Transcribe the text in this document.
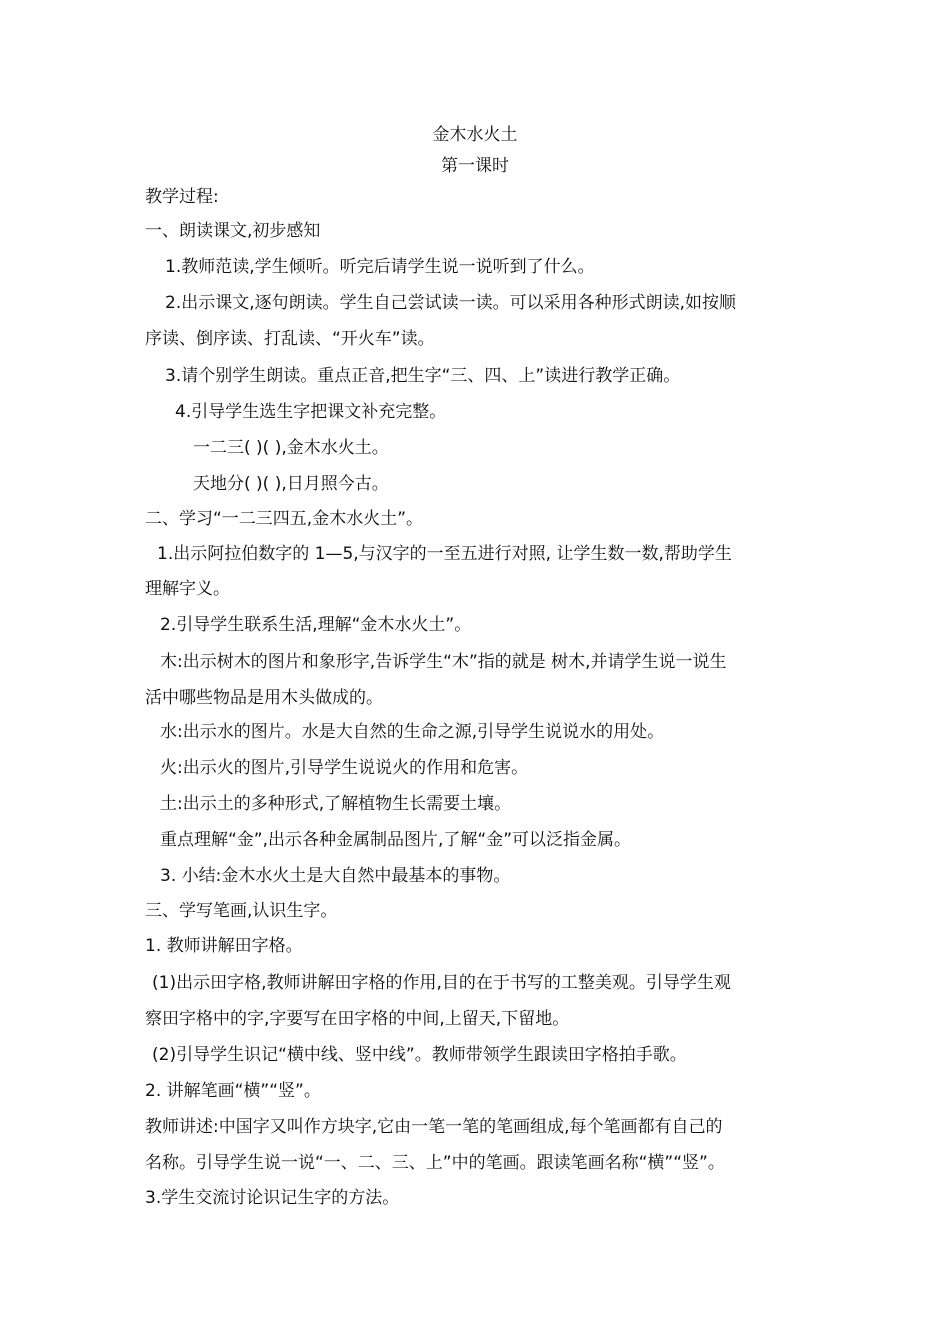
金木水火土
第一课时
教学过程:
一、朗读课文,初步感知
1.教师范读,学生倾听。听完后请学生说一说听到了什么。
2.出示课文,逐句朗读。学生自己尝试读一读。可以采用各种形式朗读,如按顺
序读、倒序读、打乱读、“开火车”读。
3.请个别学生朗读。重点正音,把生字“三、四、上”读进行教学正确。
4.引导学生选生字把课文补充完整。
一二三( )( ),金木水火土。
天地分( )( ),日月照今古。
二、学习“一二三四五,金木水火土”。
1.出示阿拉伯数字的 1—5,与汉字的一至五进行对照, 让学生数一数,帮助学生
理解字义。
2.引导学生联系生活,理解“金木水火土”。
木:出示树木的图片和象形字,告诉学生“木”指的就是 树木,并请学生说一说生
活中哪些物品是用木头做成的。
水:出示水的图片。水是大自然的生命之源,引导学生说说水的用处。
火:出示火的图片,引导学生说说火的作用和危害。
土:出示土的多种形式,了解植物生长需要土壤。
重点理解“金”,出示各种金属制品图片,了解“金”可以泛指金属。
3. 小结:金木水火土是大自然中最基本的事物。
三、学写笔画,认识生字。
1. 教师讲解田字格。
(1)出示田字格,教师讲解田字格的作用,目的在于书写的工整美观。引导学生观
察田字格中的字,字要写在田字格的中间,上留天,下留地。
(2)引导学生识记“横中线、竖中线”。教师带领学生跟读田字格拍手歌。
2. 讲解笔画“横”“竖”。
教师讲述:中国字又叫作方块字,它由一笔一笔的笔画组成,每个笔画都有自己的
名称。引导学生说一说“一、二、三、上”中的笔画。跟读笔画名称“横”“竖”。
3.学生交流讨论识记生字的方法。
